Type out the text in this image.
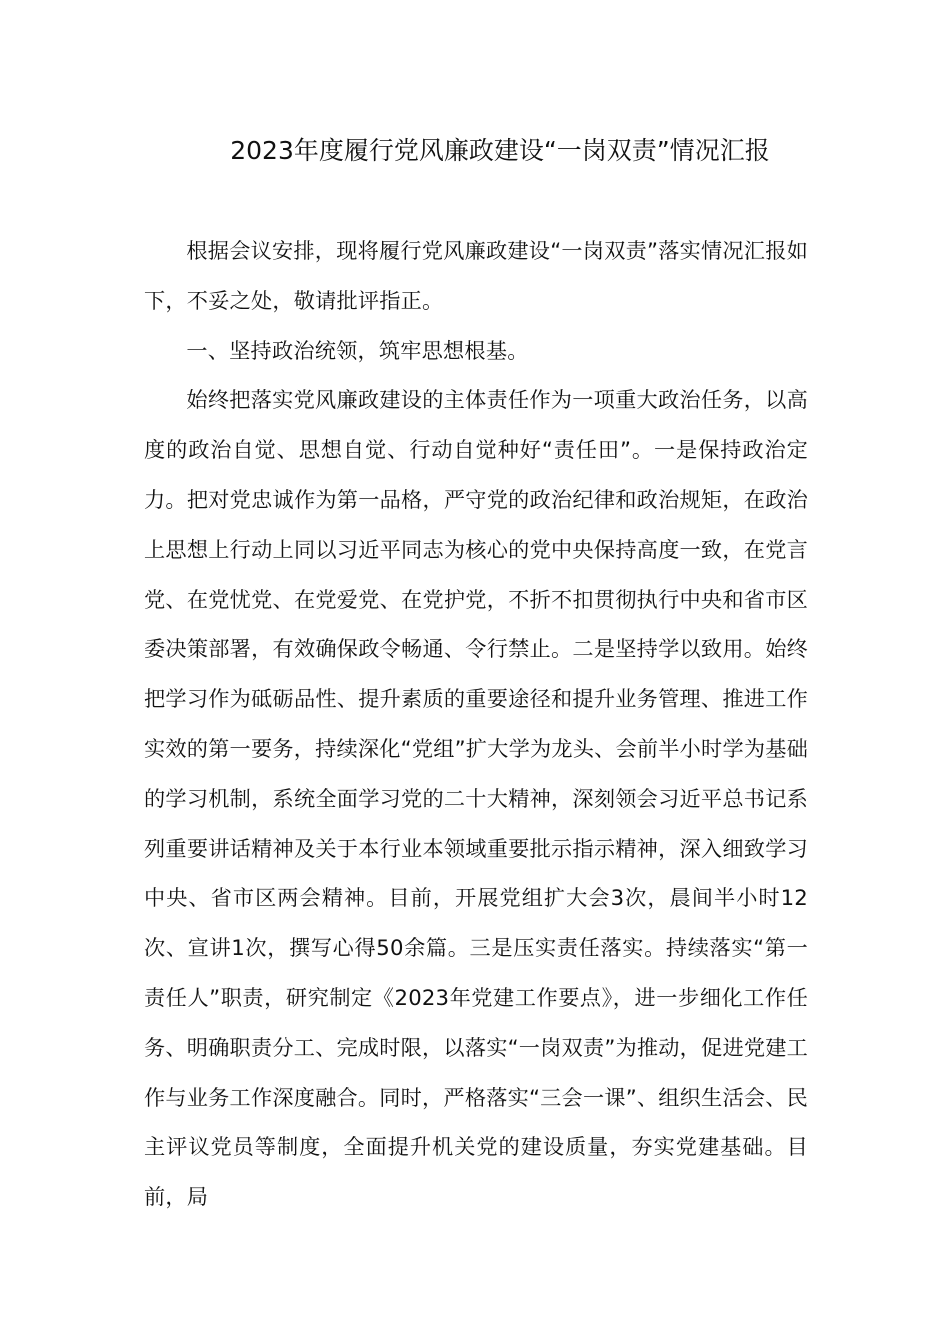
2023年度履行党风廉政建设“一岗双责”情况汇报

根据会议安排，现将履行党风廉政建设“一岗双责”落实情况汇报如下，不妥之处，敬请批评指正。

一、坚持政治统领，筑牢思想根基。

始终把落实党风廉政建设的主体责任作为一项重大政治任务，以高度的政治自觉、思想自觉、行动自觉种好“责任田”。一是保持政治定力。把对党忠诚作为第一品格，严守党的政治纪律和政治规矩，在政治上思想上行动上同以习近平同志为核心的党中央保持高度一致，在党言党、在党忧党、在党爱党、在党护党，不折不扣贯彻执行中央和省市区委决策部署，有效确保政令畅通、令行禁止。二是坚持学以致用。始终把学习作为砥砺品性、提升素质的重要途径和提升业务管理、推进工作实效的第一要务，持续深化“党组”扩大学为龙头、会前半小时学为基础的学习机制，系统全面学习党的二十大精神，深刻领会习近平总书记系列重要讲话精神及关于本行业本领域重要批示指示精神，深入细致学习中央、省市区两会精神。目前，开展党组扩大会3次，晨间半小时12次、宣讲1次，撰写心得50余篇。三是压实责任落实。持续落实“第一责任人”职责，研究制定《2023年党建工作要点》，进一步细化工作任务、明确职责分工、完成时限，以落实“一岗双责”为推动，促进党建工作与业务工作深度融合。同时，严格落实“三会一课”、组织生活会、民主评议党员等制度，全面提升机关党的建设质量，夯实党建基础。目前，局
